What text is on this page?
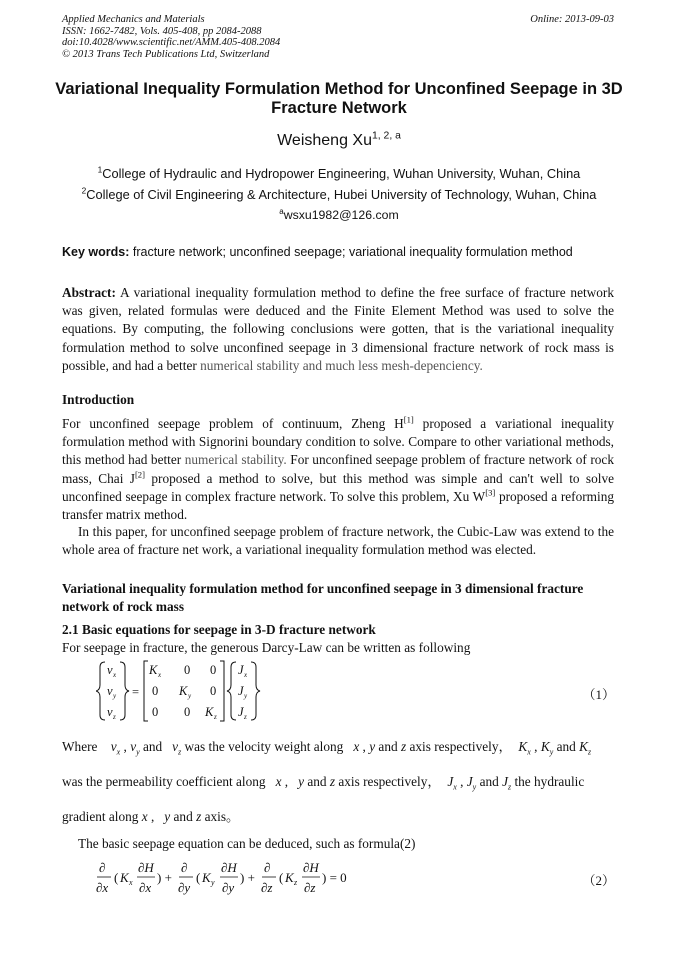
Applied Mechanics and Materials
ISSN: 1662-7482, Vols. 405-408, pp 2084-2088
doi:10.4028/www.scientific.net/AMM.405-408.2084
© 2013 Trans Tech Publications Ltd, Switzerland
Online: 2013-09-03
Variational Inequality Formulation Method for Unconfined Seepage in 3D
Fracture Network
Weisheng Xu$^{1, 2, a}$
$^1$College of Hydraulic and Hydropower Engineering, Wuhan University, Wuhan, China
$^2$College of Civil Engineering & Architecture, Hubei University of Technology, Wuhan, China
$^a$wsxu1982@126.com
Key words: fracture network; unconfined seepage; variational inequality formulation method
Abstract: A variational inequality formulation method to define the free surface of fracture network was given, related formulas were deduced and the Finite Element Method was used to solve the equations. By computing, the following conclusions were gotten, that is the variational inequality formulation method to solve unconfined seepage in 3 dimensional fracture network of rock mass is possible, and had a better numerical stability and much less mesh-depenciency.
Introduction
For unconfined seepage problem of continuum, Zheng H[1] proposed a variational inequality formulation method with Signorini boundary condition to solve. Compare to other variational methods, this method had better numerical stability. For unconfined seepage problem of fracture network of rock mass, Chai J[2] proposed a method to solve, but this method was simple and can't well to solve unconfined seepage in complex fracture network. To solve this problem, Xu W[3] proposed a reforming transfer matrix method.
In this paper, for unconfined seepage problem of fracture network, the Cubic-Law was extend to the whole area of fracture net work, a variational inequality formulation method was elected.
Variational inequality formulation method for unconfined seepage in 3 dimensional fracture
network of rock mass
2.1 Basic equations for seepage in 3-D fracture network
For seepage in fracture, the generous Darcy-Law can be written as following
v x
v y
v z
=
K x 0 0
0 K y 0
0 0 K z
J x
J y
J z
（1）
Where $v_x$ , $v_y$ and $v_z$ was the velocity weight along x , y and z axis respectively， $K_x$ , $K_y$ and $K_z$
was the permeability coefficient along x ,   y and z axis respectively， $J_x$ , $J_y$ and $J_z$ the hydraulic
gradient along x ,   y and z axis。
The basic seepage equation can be deduced, such as formula(2)
∂
∂x
( K x
∂H
∂x
) +
∂
∂y
( K y
∂H
∂y
) +
∂
∂z
( K z
∂H
∂z
) = 0	（2）
